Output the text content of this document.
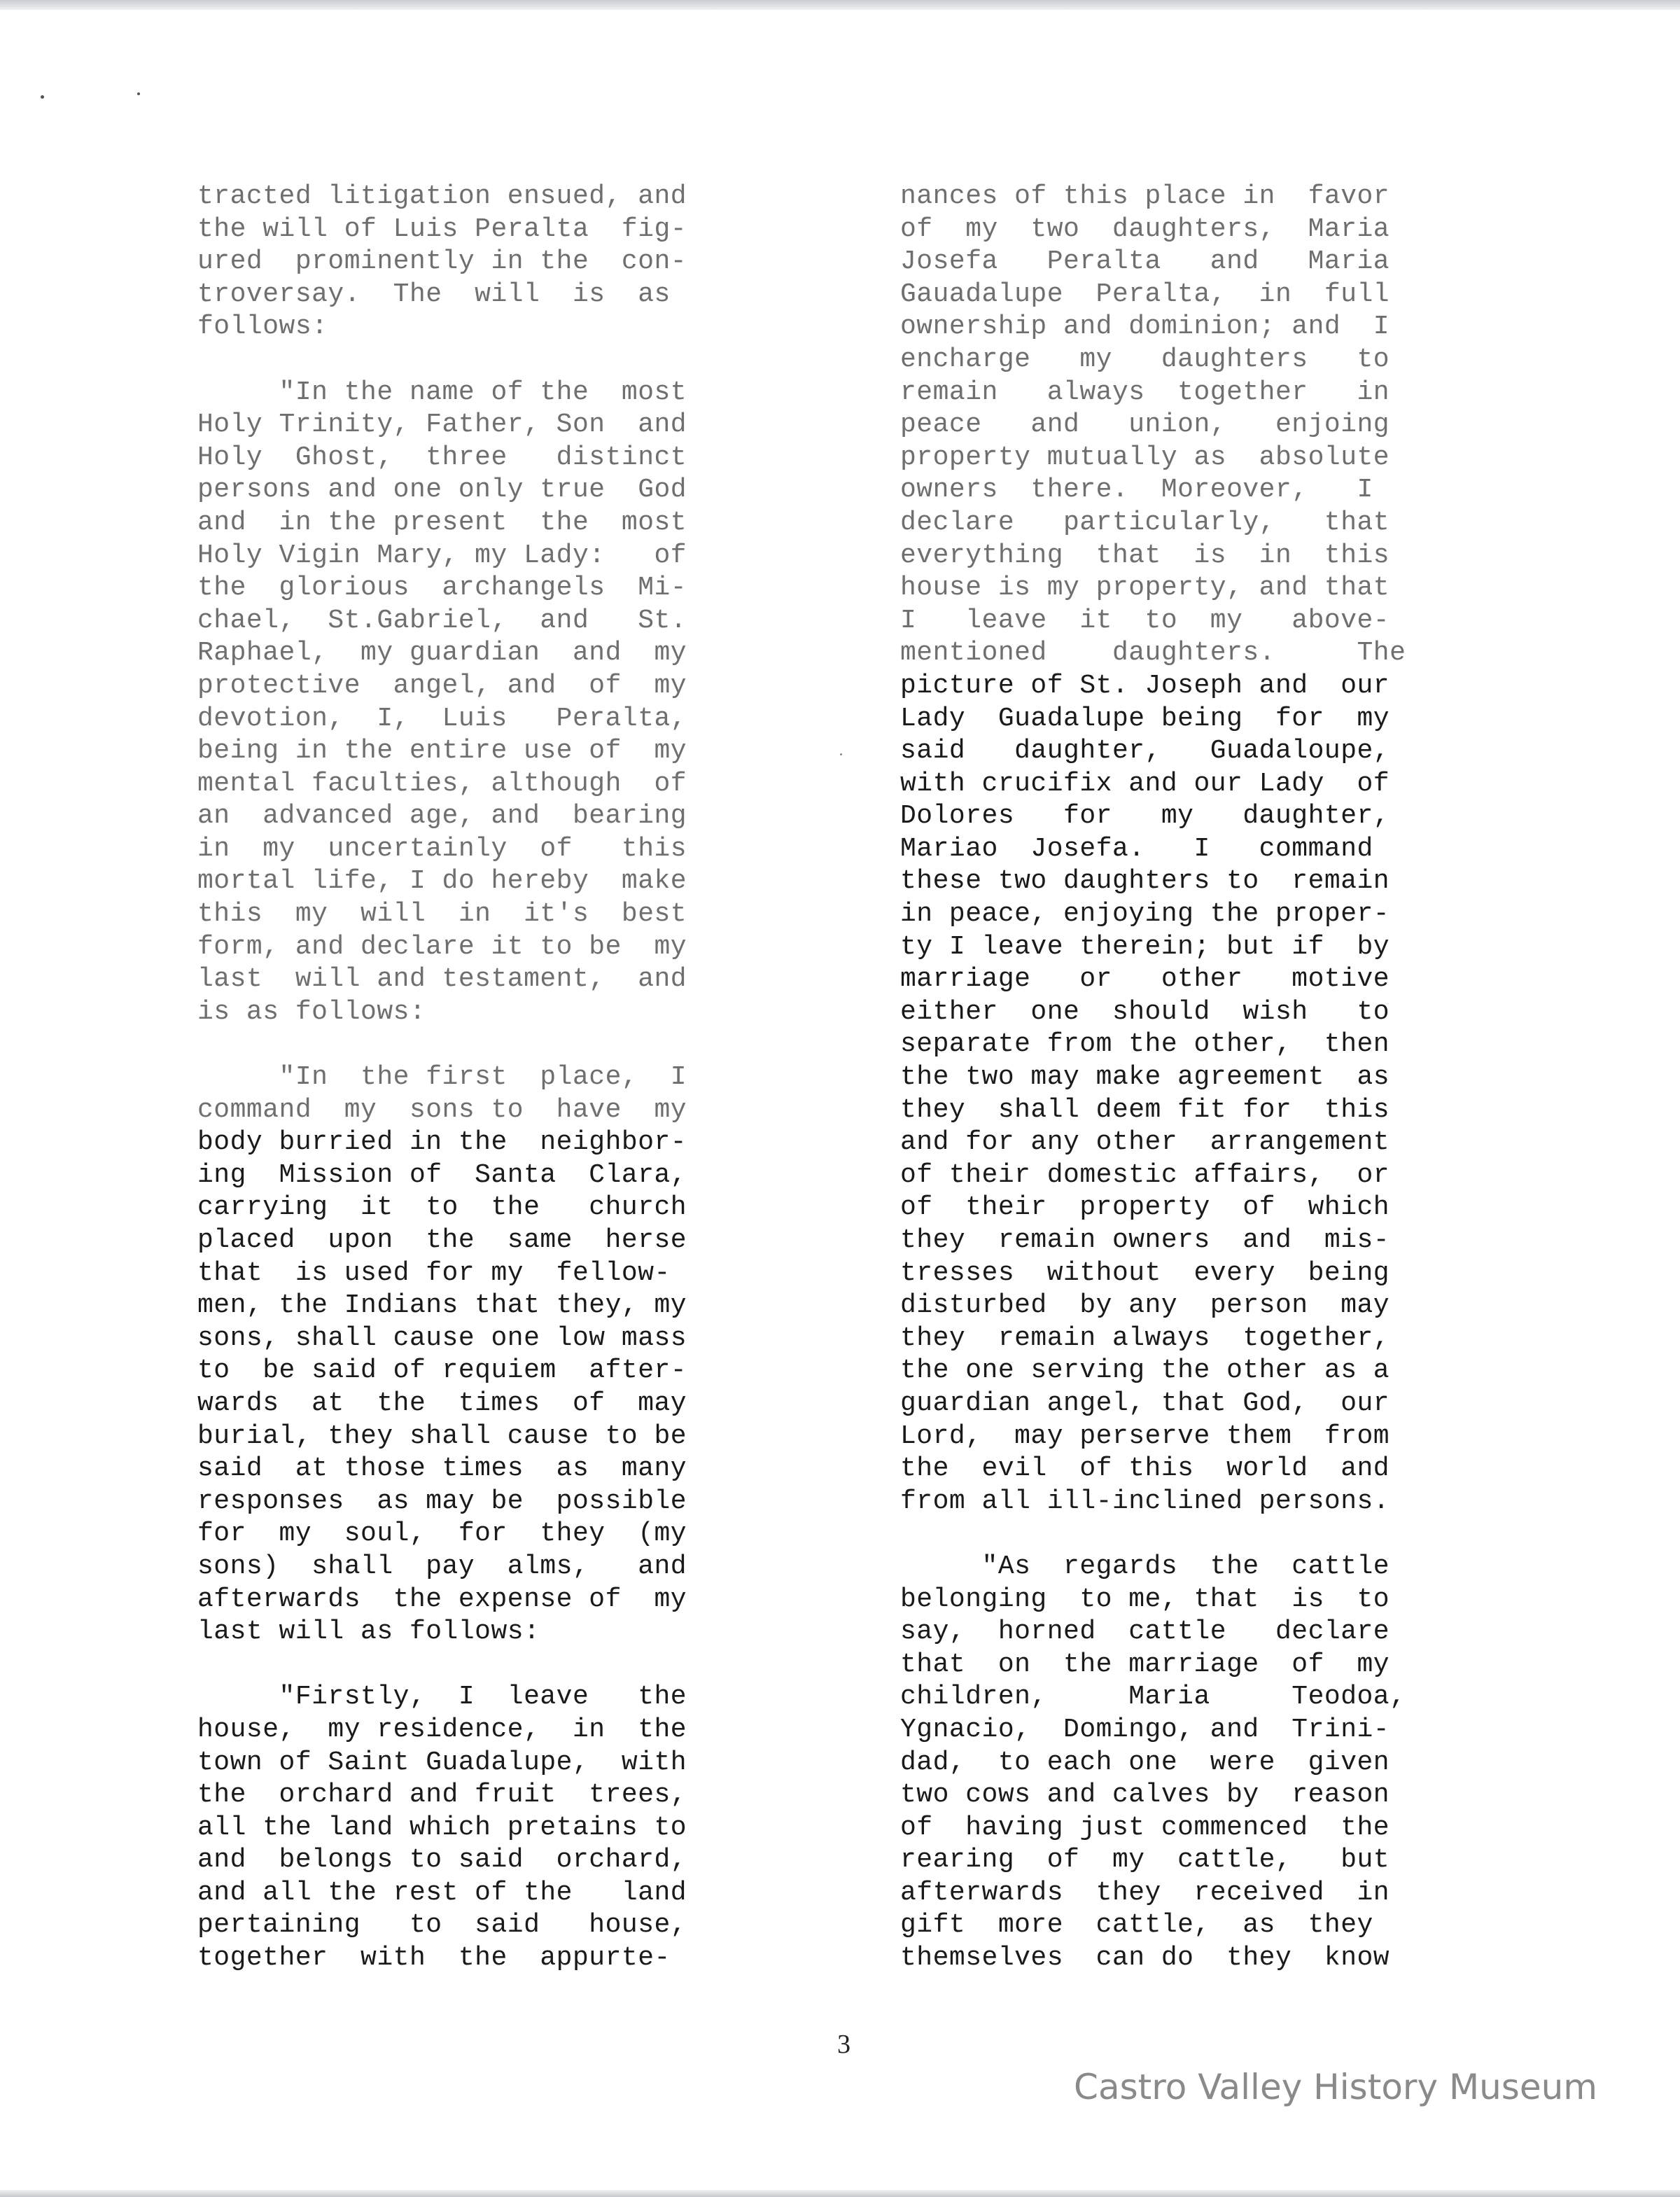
tracted litigation ensued, and
the will of Luis Peralta  fig-
ured  prominently in the  con-
troversay.  The  will  is  as
follows:
"In the name of the  most
Holy Trinity, Father, Son  and
Holy  Ghost,  three   distinct
persons and one only true  God
and  in the present  the  most
Holy Vigin Mary, my Lady:   of
the  glorious  archangels  Mi-
chael,  St.Gabriel,  and   St.
Raphael,  my guardian  and  my
protective  angel, and  of  my
devotion,  I,  Luis   Peralta,
being in the entire use of  my
mental faculties, although  of
an  advanced age, and  bearing
in  my  uncertainly  of   this
mortal life, I do hereby  make
this  my  will  in  it's  best
form, and declare it to be  my
last  will and testament,  and
is as follows:
"In  the first  place,  I
command  my  sons to  have  my
body burried in the  neighbor-
ing  Mission of  Santa  Clara,
carrying  it  to  the   church
placed  upon  the  same  herse
that  is used for my  fellow-
men, the Indians that they, my
sons, shall cause one low mass
to  be said of requiem  after-
wards  at  the  times  of  may
burial, they shall cause to be
said  at those times  as  many
responses  as may be  possible
for  my  soul,  for  they  (my
sons)  shall  pay  alms,   and
afterwards  the expense of  my
last will as follows:
"Firstly,  I  leave   the
house,  my residence,  in  the
town of Saint Guadalupe,  with
the  orchard and fruit  trees,
all the land which pretains to
and  belongs to said  orchard,
and all the rest of the   land
pertaining   to  said   house,
together  with  the  appurte-
nances of this place in  favor
of  my  two  daughters,  Maria
Josefa   Peralta   and   Maria
Gauadalupe  Peralta,  in  full
ownership and dominion; and  I
encharge   my   daughters   to
remain   always  together   in
peace   and   union,   enjoing
property mutually as  absolute
owners  there.  Moreover,   I
declare   particularly,   that
everything  that  is  in  this
house is my property, and that
I   leave  it  to  my   above-
mentioned    daughters.     The
picture of St. Joseph and  our
Lady  Guadalupe being  for  my
said   daughter,   Guadaloupe,
with crucifix and our Lady  of
Dolores   for   my   daughter,
Mariao  Josefa.   I   command
these two daughters to  remain
in peace, enjoying the proper-
ty I leave therein; but if  by
marriage   or   other   motive
either  one  should  wish   to
separate from the other,  then
the two may make agreement  as
they  shall deem fit for  this
and for any other  arrangement
of their domestic affairs,  or
of  their  property  of  which
they  remain owners  and  mis-
tresses  without  every  being
disturbed  by any  person  may
they  remain always  together,
the one serving the other as a
guardian angel, that God,  our
Lord,  may perserve them  from
the  evil  of this  world  and
from all ill-inclined persons.
"As  regards  the  cattle
belonging  to me, that  is  to
say,  horned  cattle   declare
that  on  the marriage  of  my
children,     Maria     Teodoa,
Ygnacio,  Domingo, and  Trini-
dad,  to each one  were  given
two cows and calves by  reason
of  having just commenced  the
rearing  of  my  cattle,   but
afterwards  they  received  in
gift  more  cattle,  as  they
themselves  can do  they  know
3
Castro Valley History Museum
